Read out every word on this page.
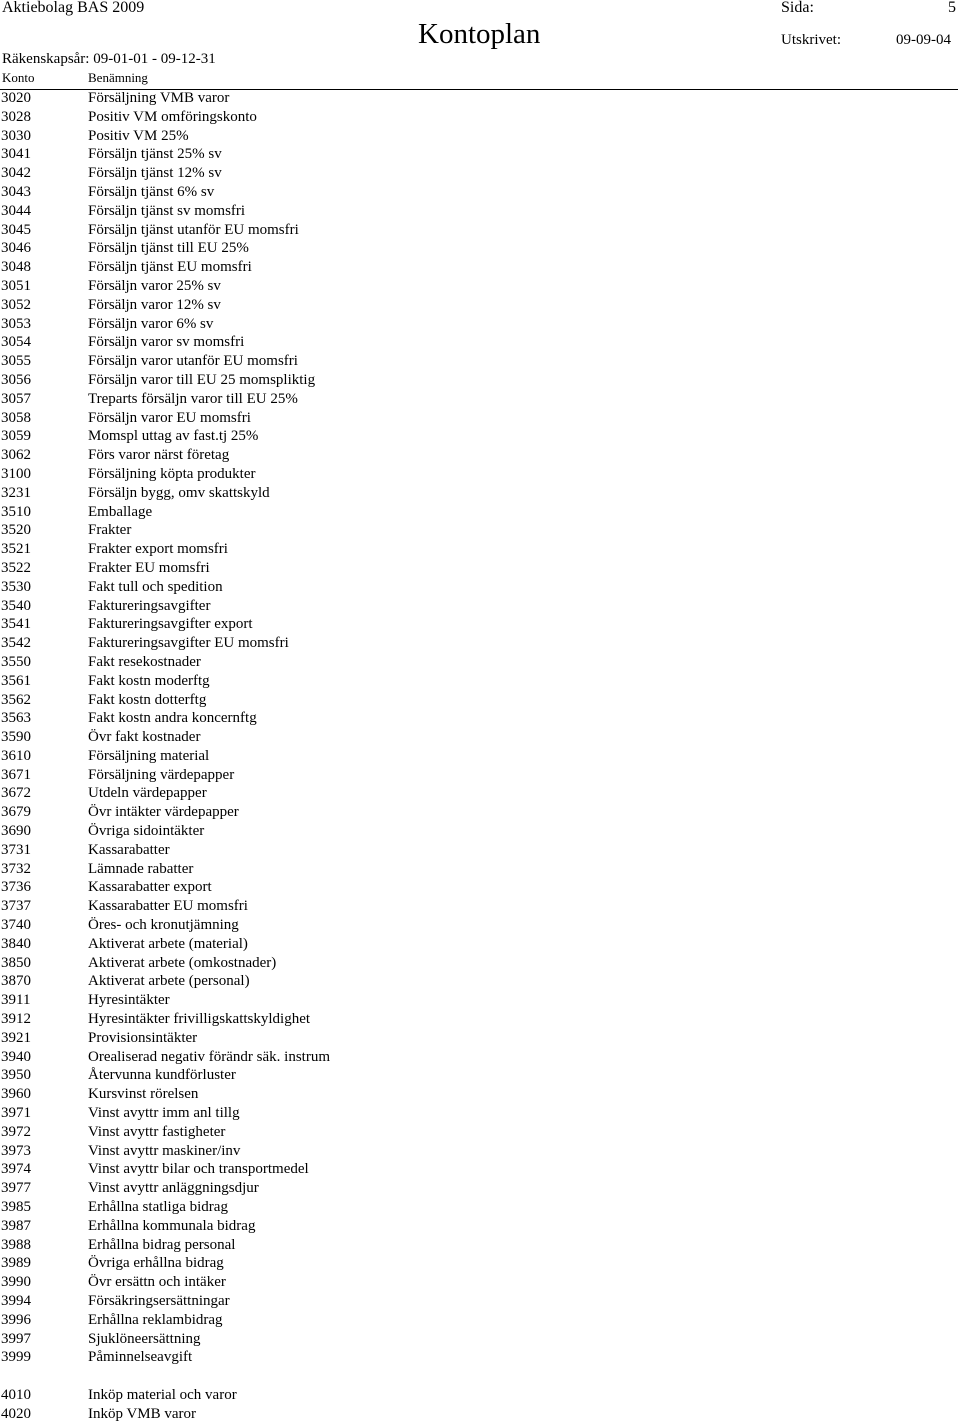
Aktiebolag BAS 2009	Sida:	5
Kontoplan
Räkenskapsår: 09-01-01 - 09-12-31
Utskrivet:	09-09-04
Konto	Benämning
3020	Försäljning VMB varor
3028	Positiv VM omföringskonto
3030	Positiv VM 25%
3041	Försäljn tjänst 25% sv
3042	Försäljn tjänst 12% sv
3043	Försäljn tjänst 6% sv
3044	Försäljn tjänst sv momsfri
3045	Försäljn tjänst utanför EU momsfri
3046	Försäljn tjänst till EU 25%
3048	Försäljn tjänst EU momsfri
3051	Försäljn varor 25% sv
3052	Försäljn varor 12% sv
3053	Försäljn varor 6% sv
3054	Försäljn varor sv momsfri
3055	Försäljn varor utanför EU momsfri
3056	Försäljn varor till EU 25 momspliktig
3057	Treparts försäljn varor till EU 25%
3058	Försäljn varor EU momsfri
3059	Momspl uttag av fast.tj 25%
3062	Förs varor närst företag
3100	Försäljning köpta produkter
3231	Försäljn bygg, omv skattskyld
3510	Emballage
3520	Frakter
3521	Frakter export momsfri
3522	Frakter EU momsfri
3530	Fakt tull och spedition
3540	Faktureringsavgifter
3541	Faktureringsavgifter export
3542	Faktureringsavgifter EU momsfri
3550	Fakt resekostnader
3561	Fakt kostn moderftg
3562	Fakt kostn dotterftg
3563	Fakt kostn andra koncernftg
3590	Övr fakt kostnader
3610	Försäljning material
3671	Försäljning värdepapper
3672	Utdeln värdepapper
3679	Övr intäkter värdepapper
3690	Övriga sidointäkter
3731	Kassarabatter
3732	Lämnade rabatter
3736	Kassarabatter export
3737	Kassarabatter EU momsfri
3740	Öres- och kronutjämning
3840	Aktiverat arbete (material)
3850	Aktiverat arbete (omkostnader)
3870	Aktiverat arbete (personal)
3911	Hyresintäkter
3912	Hyresintäkter frivilligskattskyldighet
3921	Provisionsintäkter
3940	Orealiserad negativ förändr säk. instrum
3950	Återvunna kundförluster
3960	Kursvinst rörelsen
3971	Vinst avyttr imm anl tillg
3972	Vinst avyttr fastigheter
3973	Vinst avyttr maskiner/inv
3974	Vinst avyttr bilar och transportmedel
3977	Vinst avyttr anläggningsdjur
3985	Erhållna statliga bidrag
3987	Erhållna kommunala bidrag
3988	Erhållna bidrag personal
3989	Övriga erhållna bidrag
3990	Övr ersättn och intäker
3994	Försäkringsersättningar
3996	Erhållna reklambidrag
3997	Sjuklöneersättning
3999	Påminnelseavgift
4010	Inköp material och varor
4020	Inköp VMB varor
